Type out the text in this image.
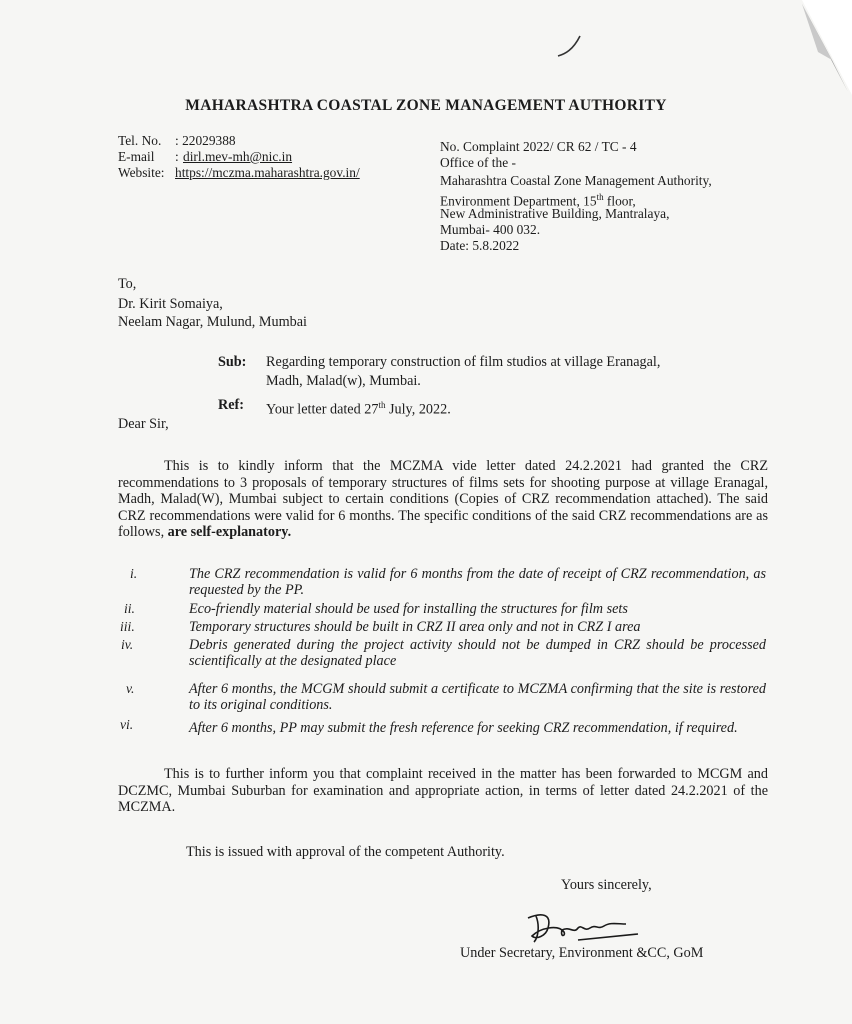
MAHARASHTRA COASTAL ZONE MANAGEMENT AUTHORITY
Tel. No. : 22029388
E-mail : dirl.mev-mh@nic.in
Website: https://mczma.maharashtra.gov.in/
No. Complaint 2022/ CR 62 / TC - 4
Office of the -
Maharashtra Coastal Zone Management Authority,
Environment Department, 15th floor,
New Administrative Building, Mantralaya,
Mumbai- 400 032.
Date: 5.8.2022
To,
Dr. Kirit Somaiya,
Neelam Nagar, Mulund, Mumbai
Sub: Regarding temporary construction of film studios at village Eranagal,
Madh, Malad(w), Mumbai.
Ref: Your letter dated 27th July, 2022.
Dear Sir,
This is to kindly inform that the MCZMA vide letter dated 24.2.2021 had granted the CRZ recommendations to 3 proposals of temporary structures of films sets for shooting purpose at village Eranagal, Madh, Malad(W), Mumbai subject to certain conditions (Copies of CRZ recommendation attached). The said CRZ recommendations were valid for 6 months. The specific conditions of the said CRZ recommendations are as follows, are self-explanatory.
i.	The CRZ recommendation is valid for 6 months from the date of receipt of CRZ recommendation, as requested by the PP.
ii.	Eco-friendly material should be used for installing the structures for film sets
iii.	Temporary structures should be built in CRZ II area only and not in CRZ I area
iv.	Debris generated during the project activity should not be dumped in CRZ should be processed scientifically at the designated place
v.	After 6 months, the MCGM should submit a certificate to MCZMA confirming that the site is restored to its original conditions.
vi.	After 6 months, PP may submit the fresh reference for seeking CRZ recommendation, if required.
This is to further inform you that complaint received in the matter has been forwarded to MCGM and DCZMC, Mumbai Suburban for examination and appropriate action, in terms of letter dated 24.2.2021 of the MCZMA.
This is issued with approval of the competent Authority.
Yours sincerely,
Under Secretary, Environment &CC, GoM
